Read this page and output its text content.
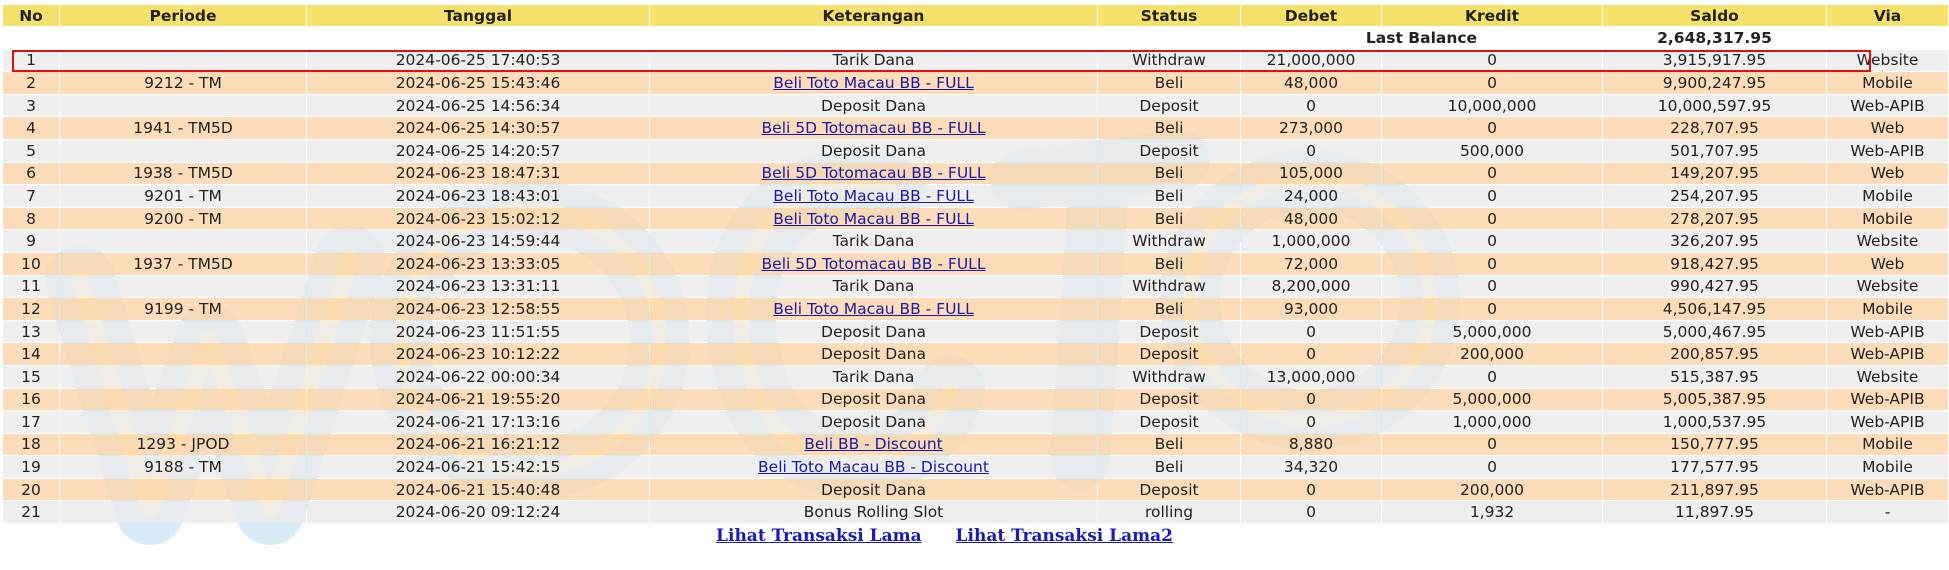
No	Periode	Tanggal	Keterangan	Status	Debet	Kredit	Saldo	Via
					Last Balance		2,648,317.95	
1		2024-06-25 17:40:53	Tarik Dana	Withdraw	21,000,000	0	3,915,917.95	Website
2	9212 - TM	2024-06-25 15:43:46	Beli Toto Macau BB - FULL	Beli	48,000	0	9,900,247.95	Mobile
3		2024-06-25 14:56:34	Deposit Dana	Deposit	0	10,000,000	10,000,597.95	Web-APIB
4	1941 - TM5D	2024-06-25 14:30:57	Beli 5D Totomacau BB - FULL	Beli	273,000	0	228,707.95	Web
5		2024-06-25 14:20:57	Deposit Dana	Deposit	0	500,000	501,707.95	Web-APIB
6	1938 - TM5D	2024-06-23 18:47:31	Beli 5D Totomacau BB - FULL	Beli	105,000	0	149,207.95	Web
7	9201 - TM	2024-06-23 18:43:01	Beli Toto Macau BB - FULL	Beli	24,000	0	254,207.95	Mobile
8	9200 - TM	2024-06-23 15:02:12	Beli Toto Macau BB - FULL	Beli	48,000	0	278,207.95	Mobile
9		2024-06-23 14:59:44	Tarik Dana	Withdraw	1,000,000	0	326,207.95	Website
10	1937 - TM5D	2024-06-23 13:33:05	Beli 5D Totomacau BB - FULL	Beli	72,000	0	918,427.95	Web
11		2024-06-23 13:31:11	Tarik Dana	Withdraw	8,200,000	0	990,427.95	Website
12	9199 - TM	2024-06-23 12:58:55	Beli Toto Macau BB - FULL	Beli	93,000	0	4,506,147.95	Mobile
13		2024-06-23 11:51:55	Deposit Dana	Deposit	0	5,000,000	5,000,467.95	Web-APIB
14		2024-06-23 10:12:22	Deposit Dana	Deposit	0	200,000	200,857.95	Web-APIB
15		2024-06-22 00:00:34	Tarik Dana	Withdraw	13,000,000	0	515,387.95	Website
16		2024-06-21 19:55:20	Deposit Dana	Deposit	0	5,000,000	5,005,387.95	Web-APIB
17		2024-06-21 17:13:16	Deposit Dana	Deposit	0	1,000,000	1,000,537.95	Web-APIB
18	1293 - JPOD	2024-06-21 16:21:12	Beli BB - Discount	Beli	8,880	0	150,777.95	Mobile
19	9188 - TM	2024-06-21 15:42:15	Beli Toto Macau BB - Discount	Beli	34,320	0	177,577.95	Mobile
20		2024-06-21 15:40:48	Deposit Dana	Deposit	0	200,000	211,897.95	Web-APIB
21		2024-06-20 09:12:24	Bonus Rolling Slot	rolling	0	1,932	11,897.95	-
Lihat Transaksi Lama Lihat Transaksi Lama2
